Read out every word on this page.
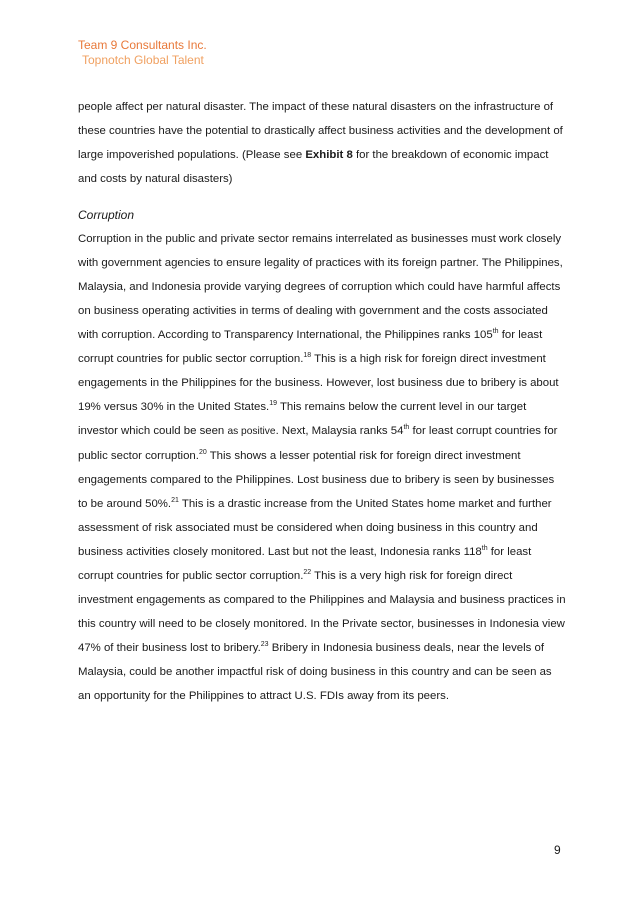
Team 9 Consultants Inc.
Topnotch Global Talent

people affect per natural disaster. The impact of these natural disasters on the infrastructure of these countries have the potential to drastically affect business activities and the development of large impoverished populations. (Please see Exhibit 8 for the breakdown of economic impact and costs by natural disasters)

Corruption

Corruption in the public and private sector remains interrelated as businesses must work closely with government agencies to ensure legality of practices with its foreign partner. The Philippines, Malaysia, and Indonesia provide varying degrees of corruption which could have harmful affects on business operating activities in terms of dealing with government and the costs associated with corruption. According to Transparency International, the Philippines ranks 105th for least corrupt countries for public sector corruption.$^{18}$ This is a high risk for foreign direct investment engagements in the Philippines for the business. However, lost business due to bribery is about 19% versus 30% in the United States.$^{19}$ This remains below the current level in our target investor which could be seen as positive. Next, Malaysia ranks 54th for least corrupt countries for public sector corruption.$^{20}$ This shows a lesser potential risk for foreign direct investment engagements compared to the Philippines. Lost business due to bribery is seen by businesses to be around 50%.$^{21}$ This is a drastic increase from the United States home market and further assessment of risk associated must be considered when doing business in this country and business activities closely monitored. Last but not the least, Indonesia ranks 118th for least corrupt countries for public sector corruption.$^{22}$ This is a very high risk for foreign direct investment engagements as compared to the Philippines and Malaysia and business practices in this country will need to be closely monitored. In the Private sector, businesses in Indonesia view 47% of their business lost to bribery.$^{23}$ Bribery in Indonesia business deals, near the levels of Malaysia, could be another impactful risk of doing business in this country and can be seen as an opportunity for the Philippines to attract U.S. FDIs away from its peers.

9
